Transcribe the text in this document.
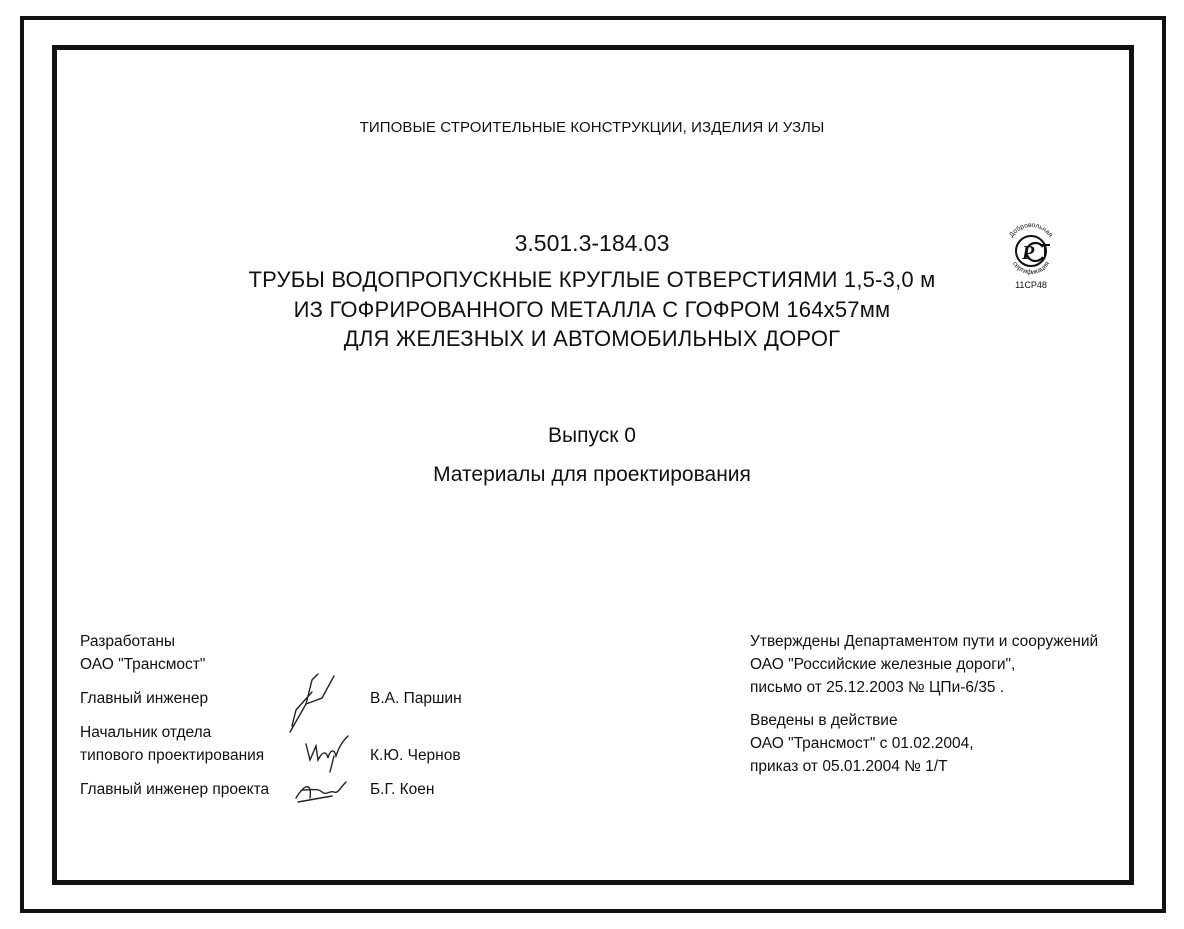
ТИПОВЫЕ СТРОИТЕЛЬНЫЕ КОНСТРУКЦИИ, ИЗДЕЛИЯ И УЗЛЫ
3.501.3-184.03
ТРУБЫ ВОДОПРОПУСКНЫЕ КРУГЛЫЕ ОТВЕРСТИЯМИ 1,5-3,0 м
ИЗ ГОФРИРОВАННОГО МЕТАЛЛА С ГОФРОМ 164х57мм
ДЛЯ ЖЕЛЕЗНЫХ И АВТОМОБИЛЬНЫХ ДОРОГ
Выпуск 0
Материалы для проектирования
Добровольная
P
сертификация
11СР48
Разработаны
ОАО "Трансмост"
Главный инженер	В.А. Паршин
Начальник отдела
типового проектирования	К.Ю. Чернов
Главный инженер проекта	Б.Г. Коен
Утверждены Департаментом пути и сооружений
ОАО "Российские железные дороги",
письмо от 25.12.2003 № ЦПи-6/35 .
Введены в действие
ОАО "Трансмост" с 01.02.2004,
приказ от 05.01.2004 № 1/Т
